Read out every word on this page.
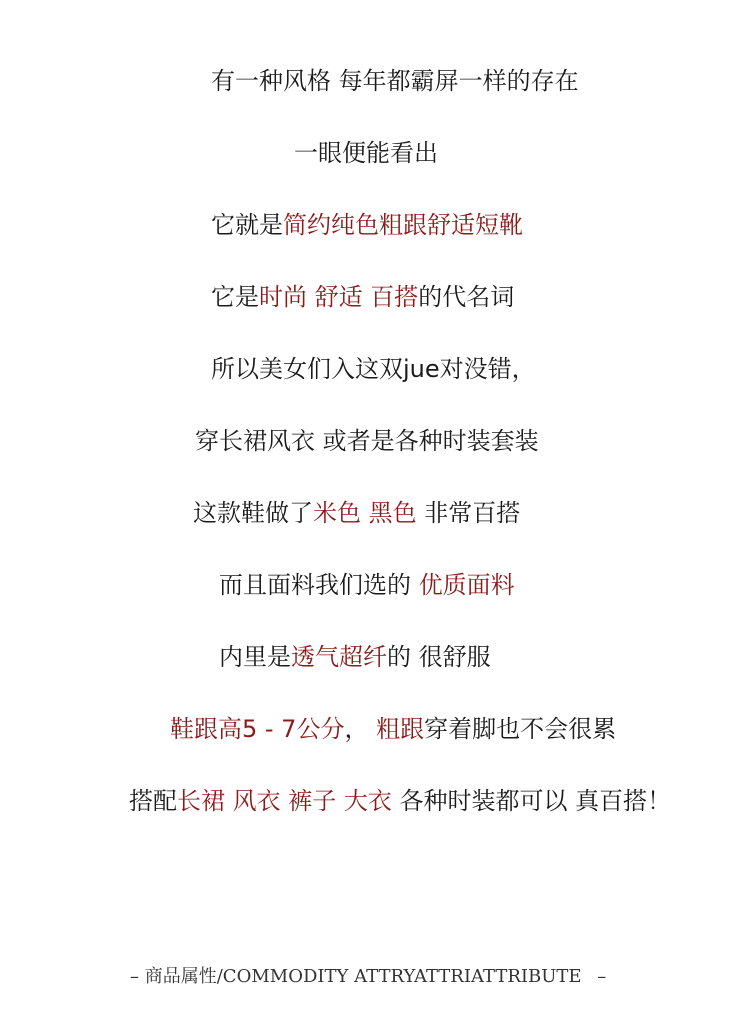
有一种风格 每年都霸屏一样的存在
一眼便能看出
它就是简约纯色粗跟舒适短靴
它是时尚 舒适 百搭的代名词
所以美女们入这双jue对没错，
穿长裙风衣 或者是各种时装套装
这款鞋做了米色 黑色 非常百搭
而且面料我们选的 优质面料
内里是透气超纤的 很舒服
鞋跟高5 - 7公分， 粗跟穿着脚也不会很累
搭配长裙 风衣 裤子 大衣 各种时装都可以 真百搭！
– 商品属性/COMMODITY ATTRYATTRIATTRIBUTE –
